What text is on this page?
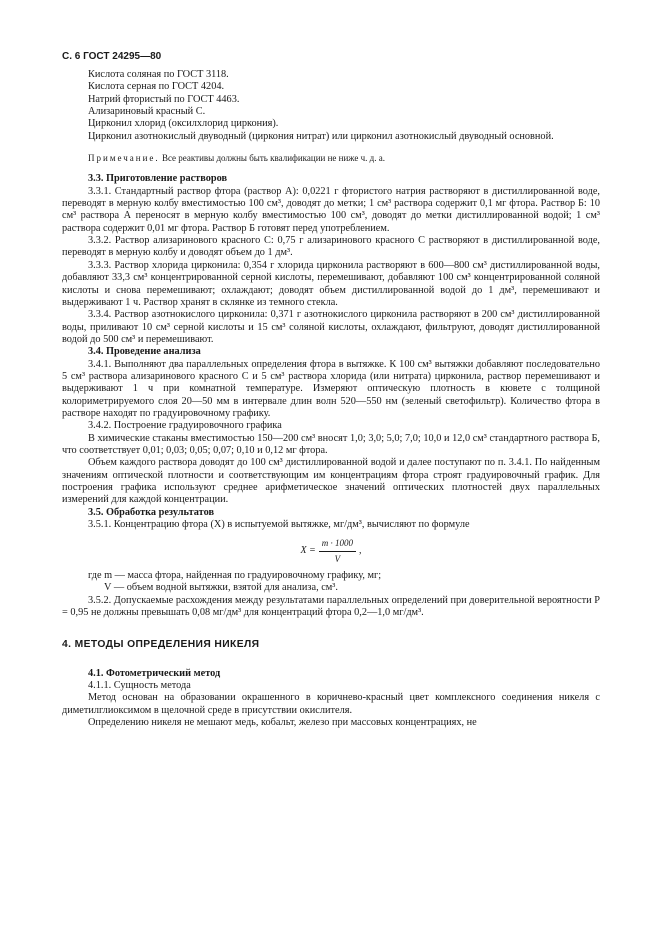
С. 6 ГОСТ 24295—80

Кислота соляная по ГОСТ 3118.

Кислота серная по ГОСТ 4204.

Натрий фтористый по ГОСТ 4463.

Ализариновый красный С.

Цирконил хлорид (оксилхлорид циркония).

Цирконил азотнокислый двуводный (циркония нитрат) или цирконил азотнокислый двуводный основной.

Примечание. Все реактивы должны быть квалификации не ниже ч. д. а.

3.3. Приготовление растворов

3.3.1. Стандартный раствор фтора (раствор А): 0,0221 г фтористого натрия растворяют в дистиллированной воде, переводят в мерную колбу вместимостью 100 см³, доводят до метки; 1 см³ раствора содержит 0,1 мг фтора. Раствор Б: 10 см³ раствора А переносят в мерную колбу вместимостью 100 см³, доводят до метки дистиллированной водой; 1 см³ раствора содержит 0,01 мг фтора. Раствор Б готовят перед употреблением.

3.3.2. Раствор ализаринового красного С: 0,75 г ализаринового красного С растворяют в дистиллированной воде, переводят в мерную колбу и доводят объем до 1 дм³.

3.3.3. Раствор хлорида цирконила: 0,354 г хлорида цирконила растворяют в 600—800 см³ дистиллированной воды, добавляют 33,3 см³ концентрированной серной кислоты, перемешивают, добавляют 100 см³ концентрированной соляной кислоты и снова перемешивают; охлаждают; доводят объем дистиллированной водой до 1 дм³, перемешивают и выдерживают 1 ч. Раствор хранят в склянке из темного стекла.

3.3.4. Раствор азотнокислого цирконила: 0,371 г азотнокислого цирконила растворяют в 200 см³ дистиллированной воды, приливают 10 см³ серной кислоты и 15 см³ соляной кислоты, охлаждают, фильтруют, доводят дистиллированной водой до 500 см³ и перемешивают.

3.4. Проведение анализа

3.4.1. Выполняют два параллельных определения фтора в вытяжке. К 100 см³ вытяжки добавляют последовательно 5 см³ раствора ализаринового красного С и 5 см³ раствора хлорида (или нитрата) цирконила, раствор перемешивают и выдерживают 1 ч при комнатной температуре. Измеряют оптическую плотность в кювете с толщиной колориметрируемого слоя 20—50 мм в интервале длин волн 520—550 нм (зеленый светофильтр). Количество фтора в растворе находят по градуировочному графику.

3.4.2. Построение градуировочного графика

В химические стаканы вместимостью 150—200 см³ вносят 1,0; 3,0; 5,0; 7,0; 10,0 и 12,0 см³ стандартного раствора Б, что соответствует 0,01; 0,03; 0,05; 0,07; 0,10 и 0,12 мг фтора.

Объем каждого раствора доводят до 100 см³ дистиллированной водой и далее поступают по п. 3.4.1. По найденным значениям оптической плотности и соответствующим им концентрациям фтора строят градуировочный график. Для построения графика используют среднее арифметическое значений оптических плотностей двух параллельных измерений для каждой концентрации.

3.5. Обработка результатов

3.5.1. Концентрацию фтора (X) в испытуемой вытяжке, мг/дм³, вычисляют по формуле

$X = \frac{m \cdot 1000}{V}$ ,

где m — масса фтора, найденная по градуировочному графику, мг;

V — объем водной вытяжки, взятой для анализа, см³.

3.5.2. Допускаемые расхождения между результатами параллельных определений при доверительной вероятности P = 0,95 не должны превышать 0,08 мг/дм³ для концентраций фтора 0,2—1,0 мг/дм³.

4. МЕТОДЫ ОПРЕДЕЛЕНИЯ НИКЕЛЯ

4.1. Фотометрический метод

4.1.1. Сущность метода

Метод основан на образовании окрашенного в коричнево-красный цвет комплексного соединения никеля с диметилглиоксимом в щелочной среде в присутствии окислителя.

Определению никеля не мешают медь, кобальт, железо при массовых концентрациях, не
